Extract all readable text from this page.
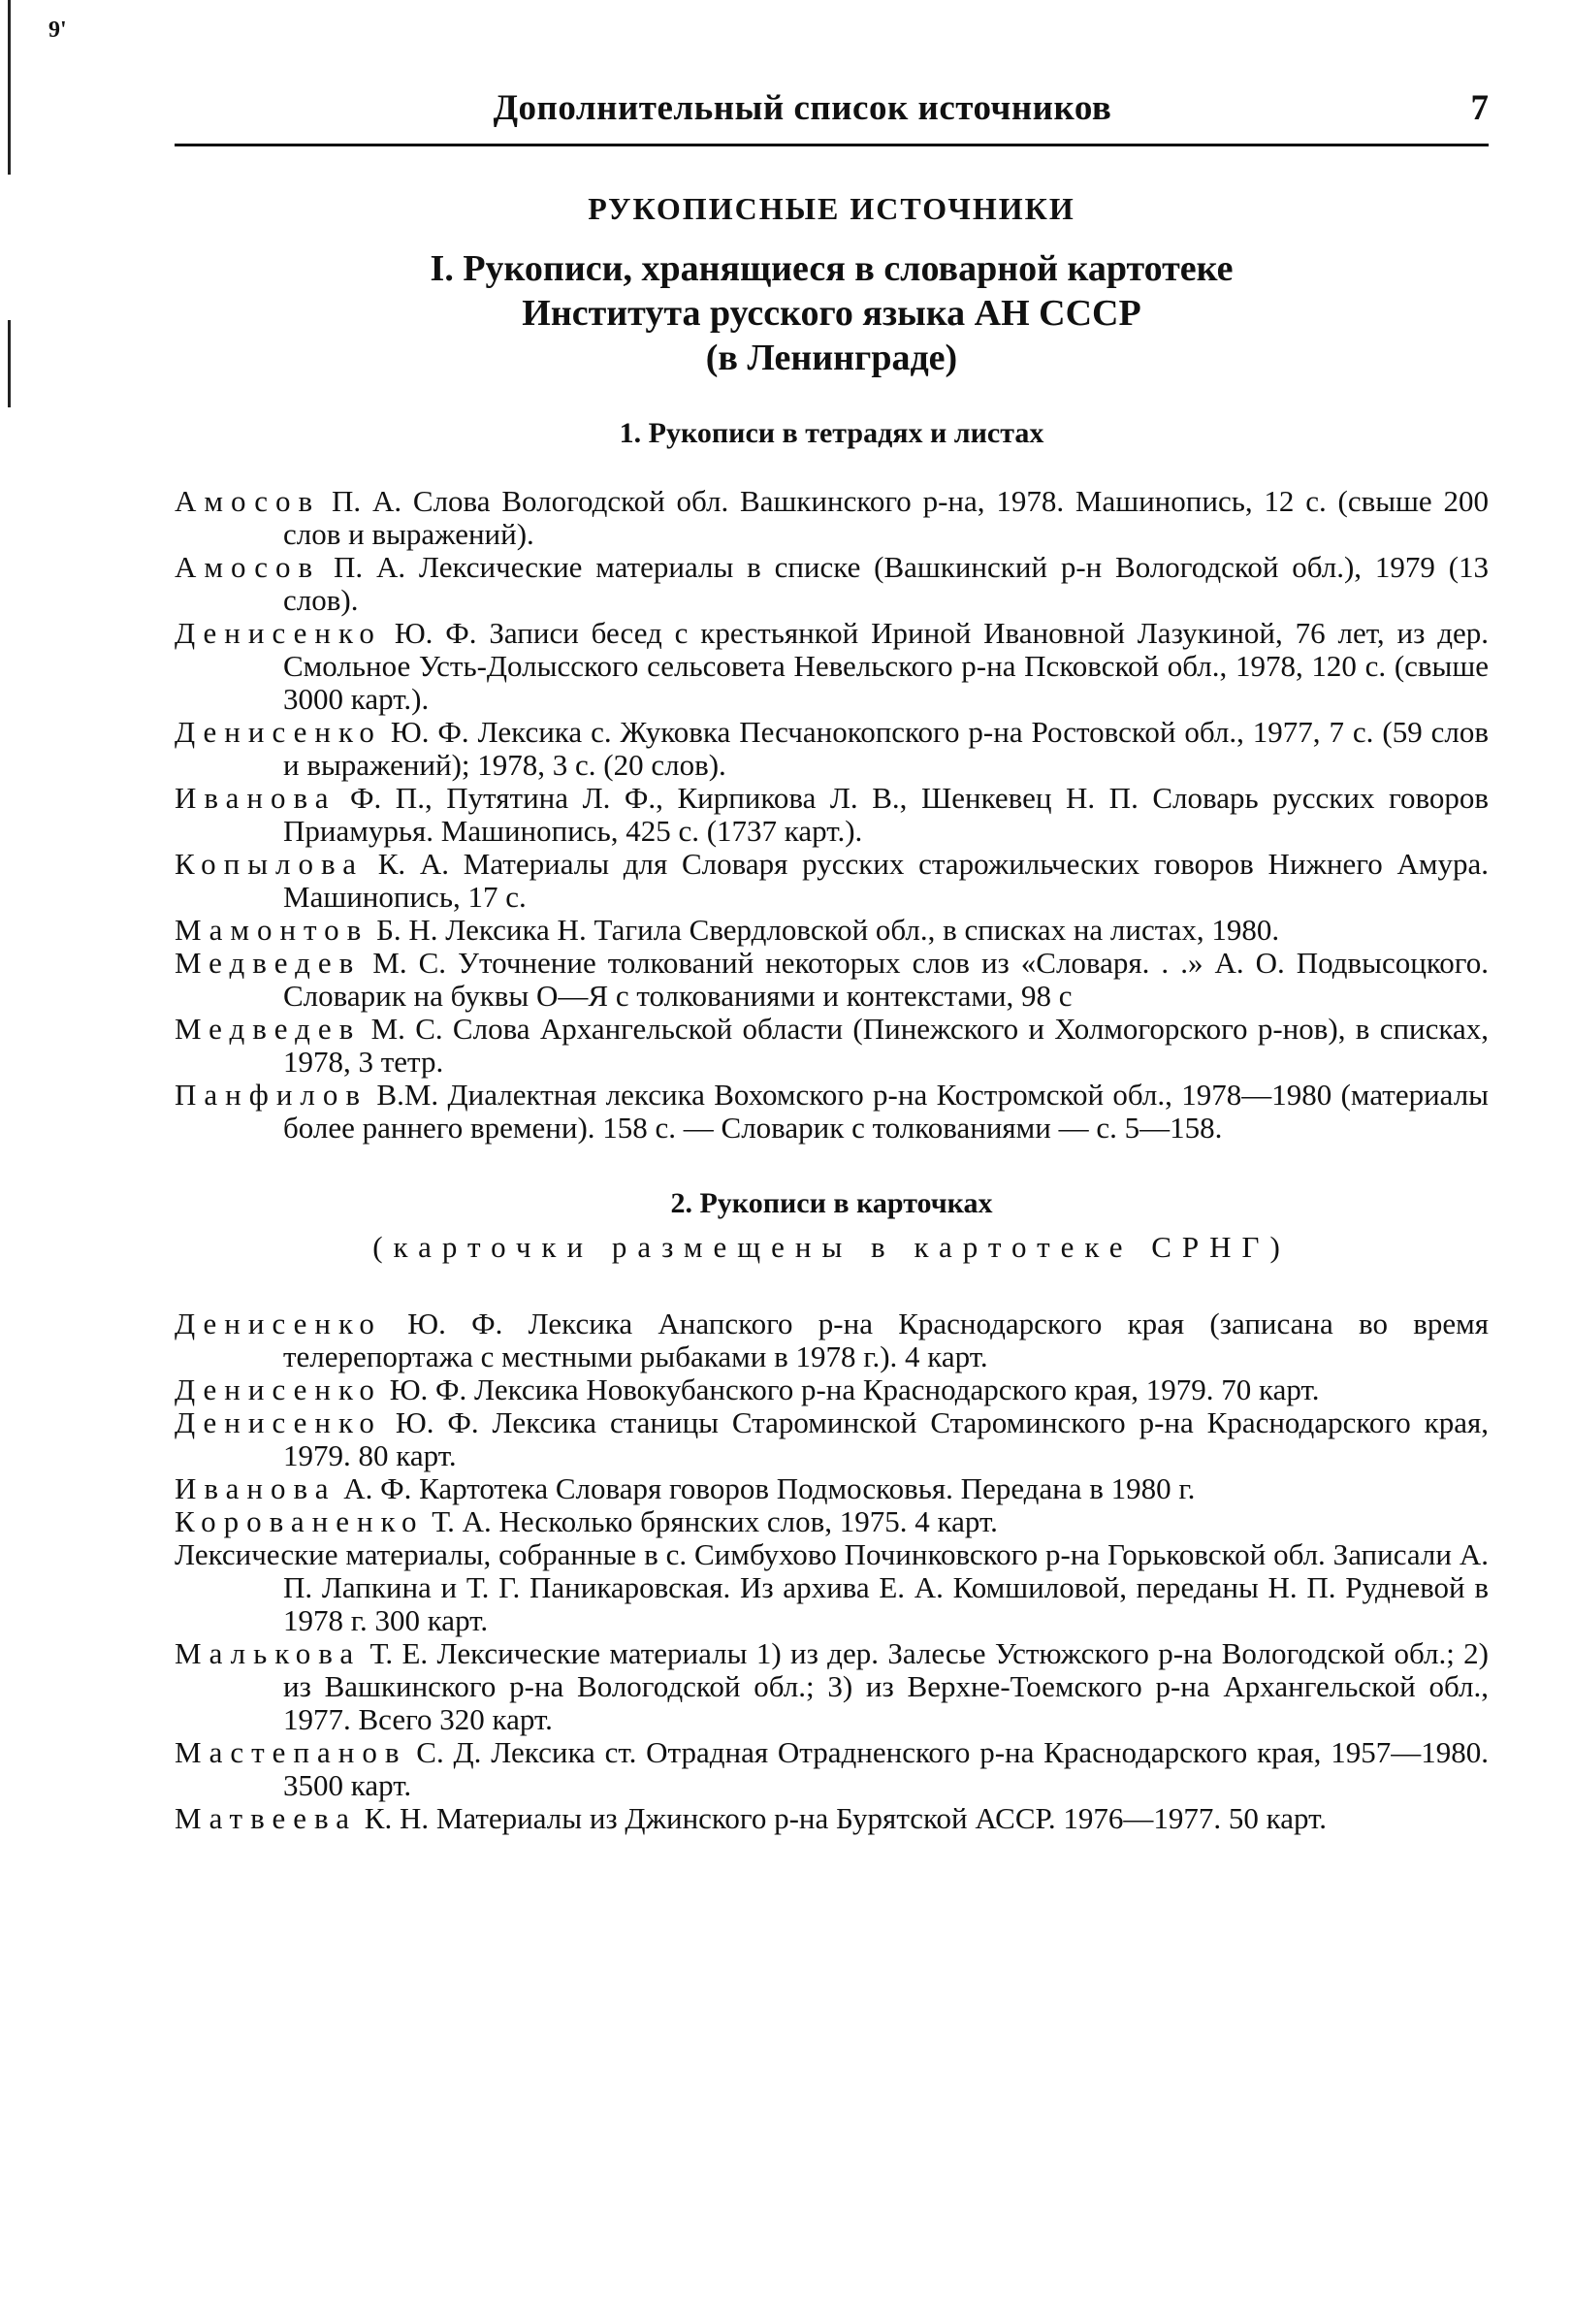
9'
Дополнительный список источников	7
РУКОПИСНЫЕ ИСТОЧНИКИ
I. Рукописи, хранящиеся в словарной картотеке
Института русского языка АН СССР
(в Ленинграде)
1. Рукописи в тетрадях и листах

Амосов П. А. Слова Вологодской обл. Вашкинского р-на, 1978. Машинопись, 12 с. (свыше 200 слов и выражений).

Амосов П. А. Лексические материалы в списке (Вашкинский р-н Вологодской обл.), 1979 (13 слов).

Денисенко Ю. Ф. Записи бесед с крестьянкой Ириной Ивановной Лазукиной, 76 лет, из дер. Смольное Усть-Долысского сельсовета Невельского р-на Псковской обл., 1978, 120 с. (свыше 3000 карт.).

Денисенко Ю. Ф. Лексика с. Жуковка Песчанокопского р-на Ростовской обл., 1977, 7 с. (59 слов и выражений); 1978, 3 с. (20 слов).

Иванова Ф. П., Путятина Л. Ф., Кирпикова Л. В., Шенкевец Н. П. Словарь русских говоров Приамурья. Машинопись, 425 с. (1737 карт.).

Копылова К. А. Материалы для Словаря русских старожильческих говоров Нижнего Амура. Машинопись, 17 с.

Мамонтов Б. Н. Лексика Н. Тагила Свердловской обл., в списках на листах, 1980.

Медведев М. С. Уточнение толкований некоторых слов из «Словаря. . .» А. О. Подвысоцкого. Словарик на буквы О—Я с толкованиями и контекстами, 98 с

Медведев М. С. Слова Архангельской области (Пинежского и Холмогорского р-нов), в списках, 1978, 3 тетр.

Панфилов В.М. Диалектная лексика Вохомского р-на Костромской обл., 1978—1980 (материалы более раннего времени). 158 с. — Словарик с толкованиями — с. 5—158.

2. Рукописи в карточках
(карточки размещены в картотеке СРНГ)

Денисенко Ю. Ф. Лексика Анапского р-на Краснодарского края (записана во время телерепортажа с местными рыбаками в 1978 г.). 4 карт.

Денисенко Ю. Ф. Лексика Новокубанского р-на Краснодарского края, 1979. 70 карт.

Денисенко Ю. Ф. Лексика станицы Староминской Староминского р-на Краснодарского края, 1979. 80 карт.

Иванова А. Ф. Картотека Словаря говоров Подмосковья. Передана в 1980 г.

Корованенко Т. А. Несколько брянских слов, 1975. 4 карт.

Лексические материалы, собранные в с. Симбухово Починковского р-на Горьковской обл. Записали А. П. Лапкина и Т. Г. Паникаровская. Из архива Е. А. Комшиловой, переданы Н. П. Рудневой в 1978 г. 300 карт.

Малькова Т. Е. Лексические материалы 1) из дер. Залесье Устюжского р-на Вологодской обл.; 2) из Вашкинского р-на Вологодской обл.; 3) из Верхне-Тоемского р-на Архангельской обл., 1977. Всего 320 карт.

Мастепанов С. Д. Лексика ст. Отрадная Отрадненского р-на Краснодарского края, 1957—1980. 3500 карт.

Матвеева К. Н. Материалы из Джинского р-на Бурятской АССР. 1976—1977. 50 карт.
